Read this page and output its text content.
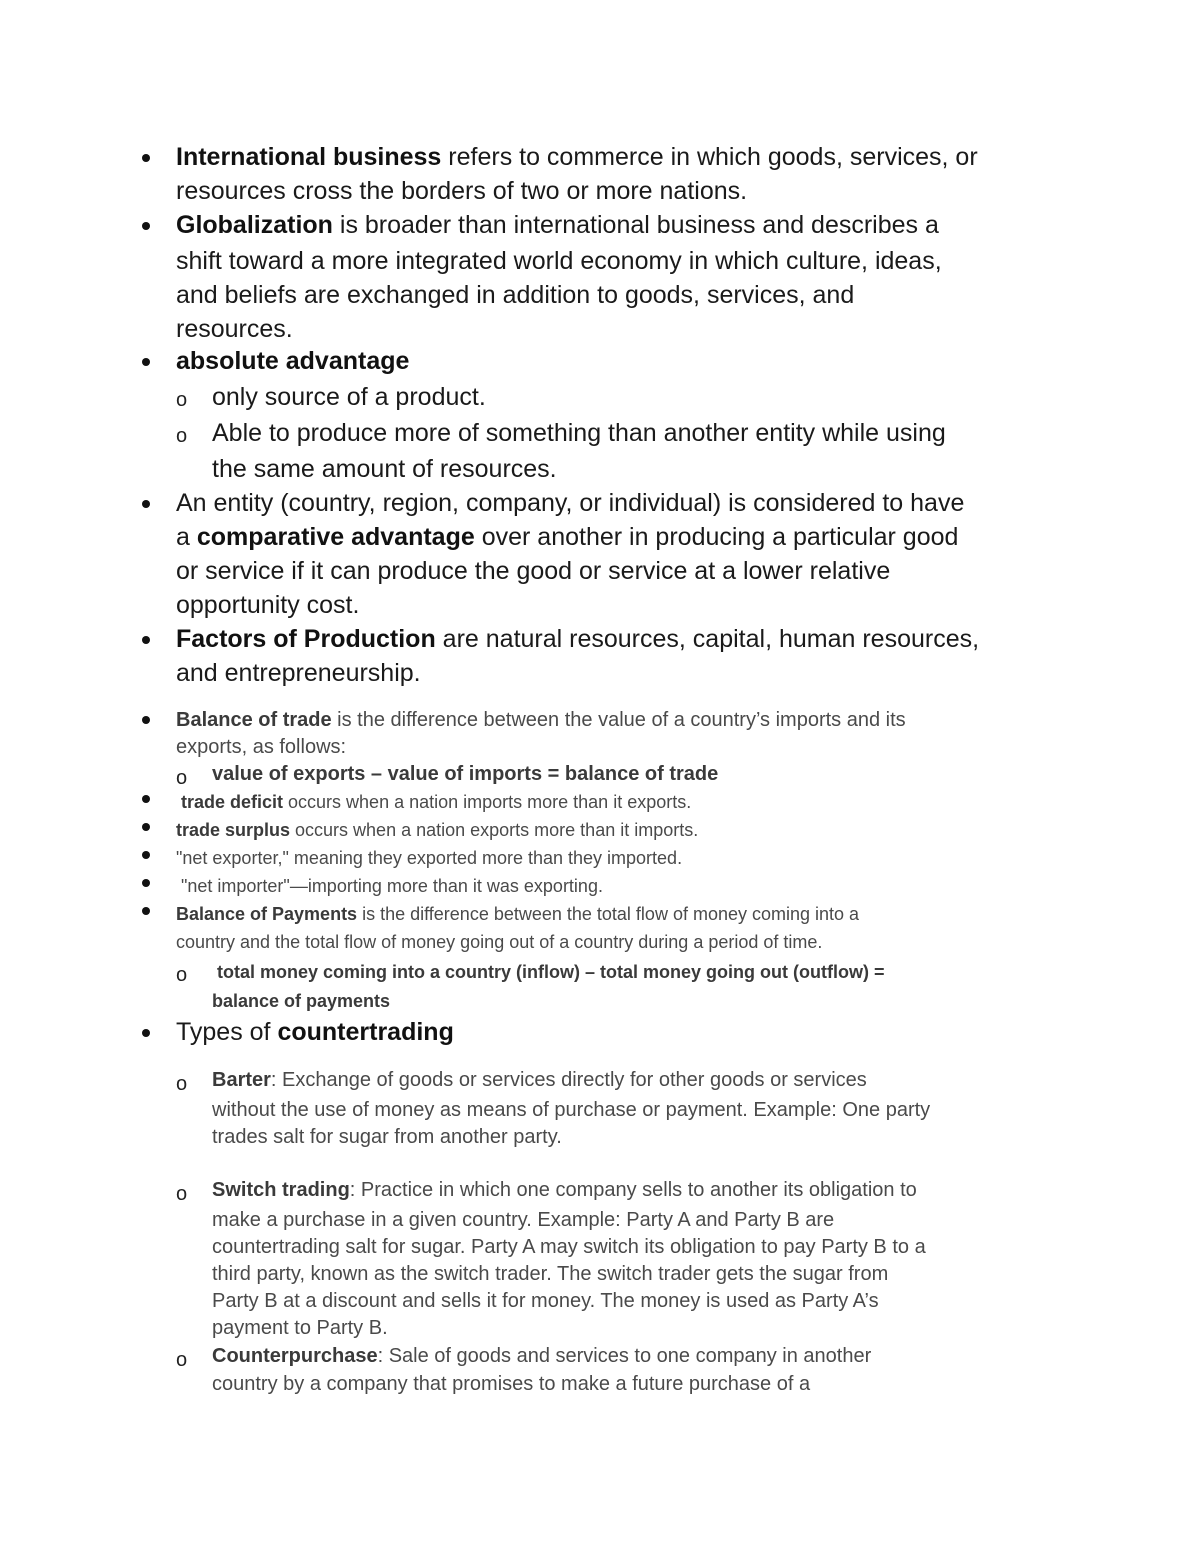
International business refers to commerce in which goods, services, or
resources cross the borders of two or more nations.
Globalization is broader than international business and describes a
shift toward a more integrated world economy in which culture, ideas,
and beliefs are exchanged in addition to goods, services, and
resources.
absolute advantage
o only source of a product.
o Able to produce more of something than another entity while using
the same amount of resources.
An entity (country, region, company, or individual) is considered to have
a comparative advantage over another in producing a particular good
or service if it can produce the good or service at a lower relative
opportunity cost.
Factors of Production are natural resources, capital, human resources,
and entrepreneurship.
Balance of trade is the difference between the value of a country’s imports and its
exports, as follows:
o value of exports – value of imports = balance of trade
trade deficit occurs when a nation imports more than it exports.
trade surplus occurs when a nation exports more than it imports.
"net exporter," meaning they exported more than they imported.
"net importer"—importing more than it was exporting.
Balance of Payments is the difference between the total flow of money coming into a
country and the total flow of money going out of a country during a period of time.
o total money coming into a country (inflow) – total money going out (outflow) =
balance of payments
Types of countertrading
o Barter: Exchange of goods or services directly for other goods or services
without the use of money as means of purchase or payment. Example: One party
trades salt for sugar from another party.
o Switch trading: Practice in which one company sells to another its obligation to
make a purchase in a given country. Example: Party A and Party B are
countertrading salt for sugar. Party A may switch its obligation to pay Party B to a
third party, known as the switch trader. The switch trader gets the sugar from
Party B at a discount and sells it for money. The money is used as Party A’s
payment to Party B.
o Counterpurchase: Sale of goods and services to one company in another
country by a company that promises to make a future purchase of a
